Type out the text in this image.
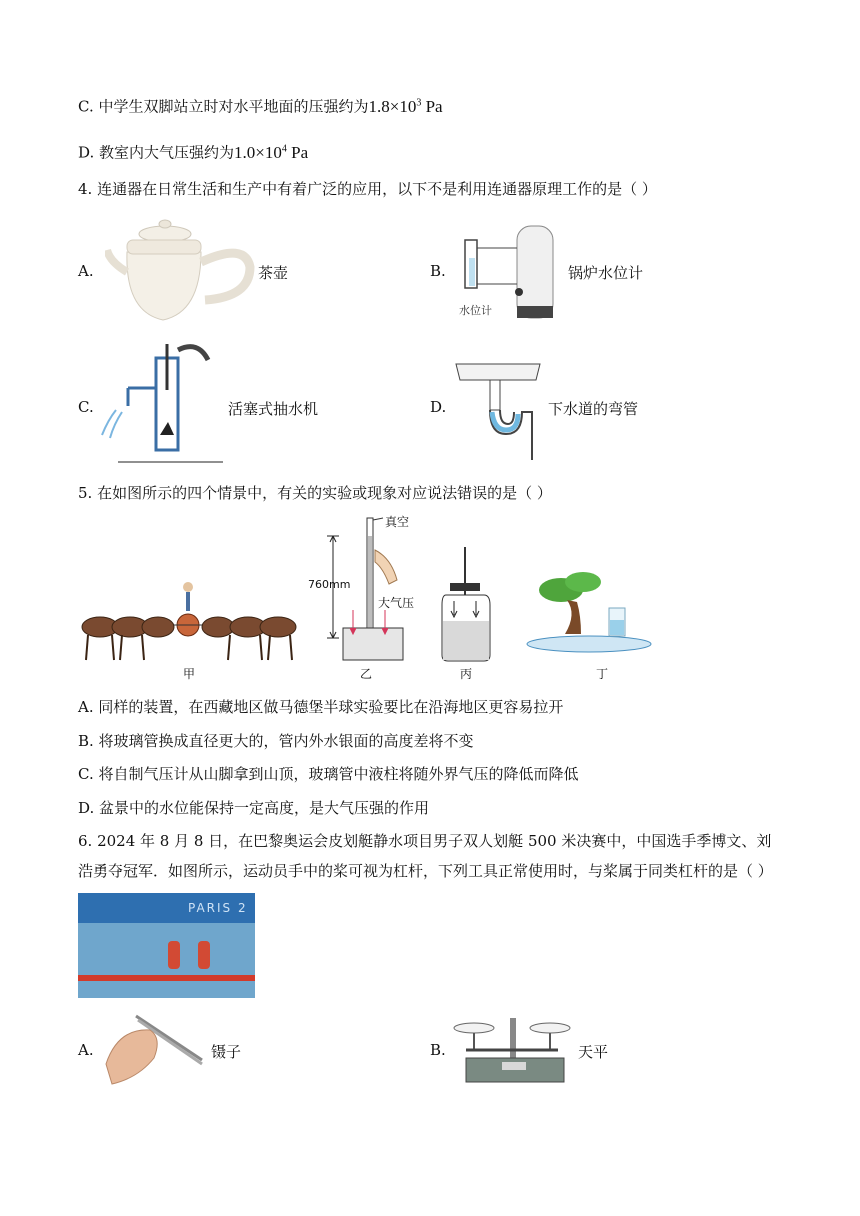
C. 中学生双脚站立时对水平地面的压强约为$1.8\times 10^3$ Pa
D. 教室内大气压强约为$1.0\times 10^4$ Pa
4. 连通器在日常生活和生产中有着广泛的应用，以下不是利用连通器原理工作的是（ ）
A.	茶壶	B.
水位计
锅炉水位计
C.	活塞式抽水机	D.	下水道的弯管
5. 在如图所示的四个情景中，有关的实验或现象对应说法错误的是（ ）
甲
760mm
真空
大气压
乙	丙	丁
A. 同样的装置，在西藏地区做马德堡半球实验要比在沿海地区更容易拉开
B. 将玻璃管换成直径更大的，管内外水银面的高度差将不变
C. 将自制气压计从山脚拿到山顶，玻璃管中液柱将随外界气压的降低而降低
D. 盆景中的水位能保持一定高度，是大气压强的作用
6. 2024 年 8 月 8 日，在巴黎奥运会皮划艇静水项目男子双人划艇 500 米决赛中，中国选手季博文、刘浩勇夺冠军．如图所示，运动员手中的桨可视为杠杆，下列工具正常使用时，与桨属于同类杠杆的是（ ）
PARIS 2
A.	镊子	B.	天平
